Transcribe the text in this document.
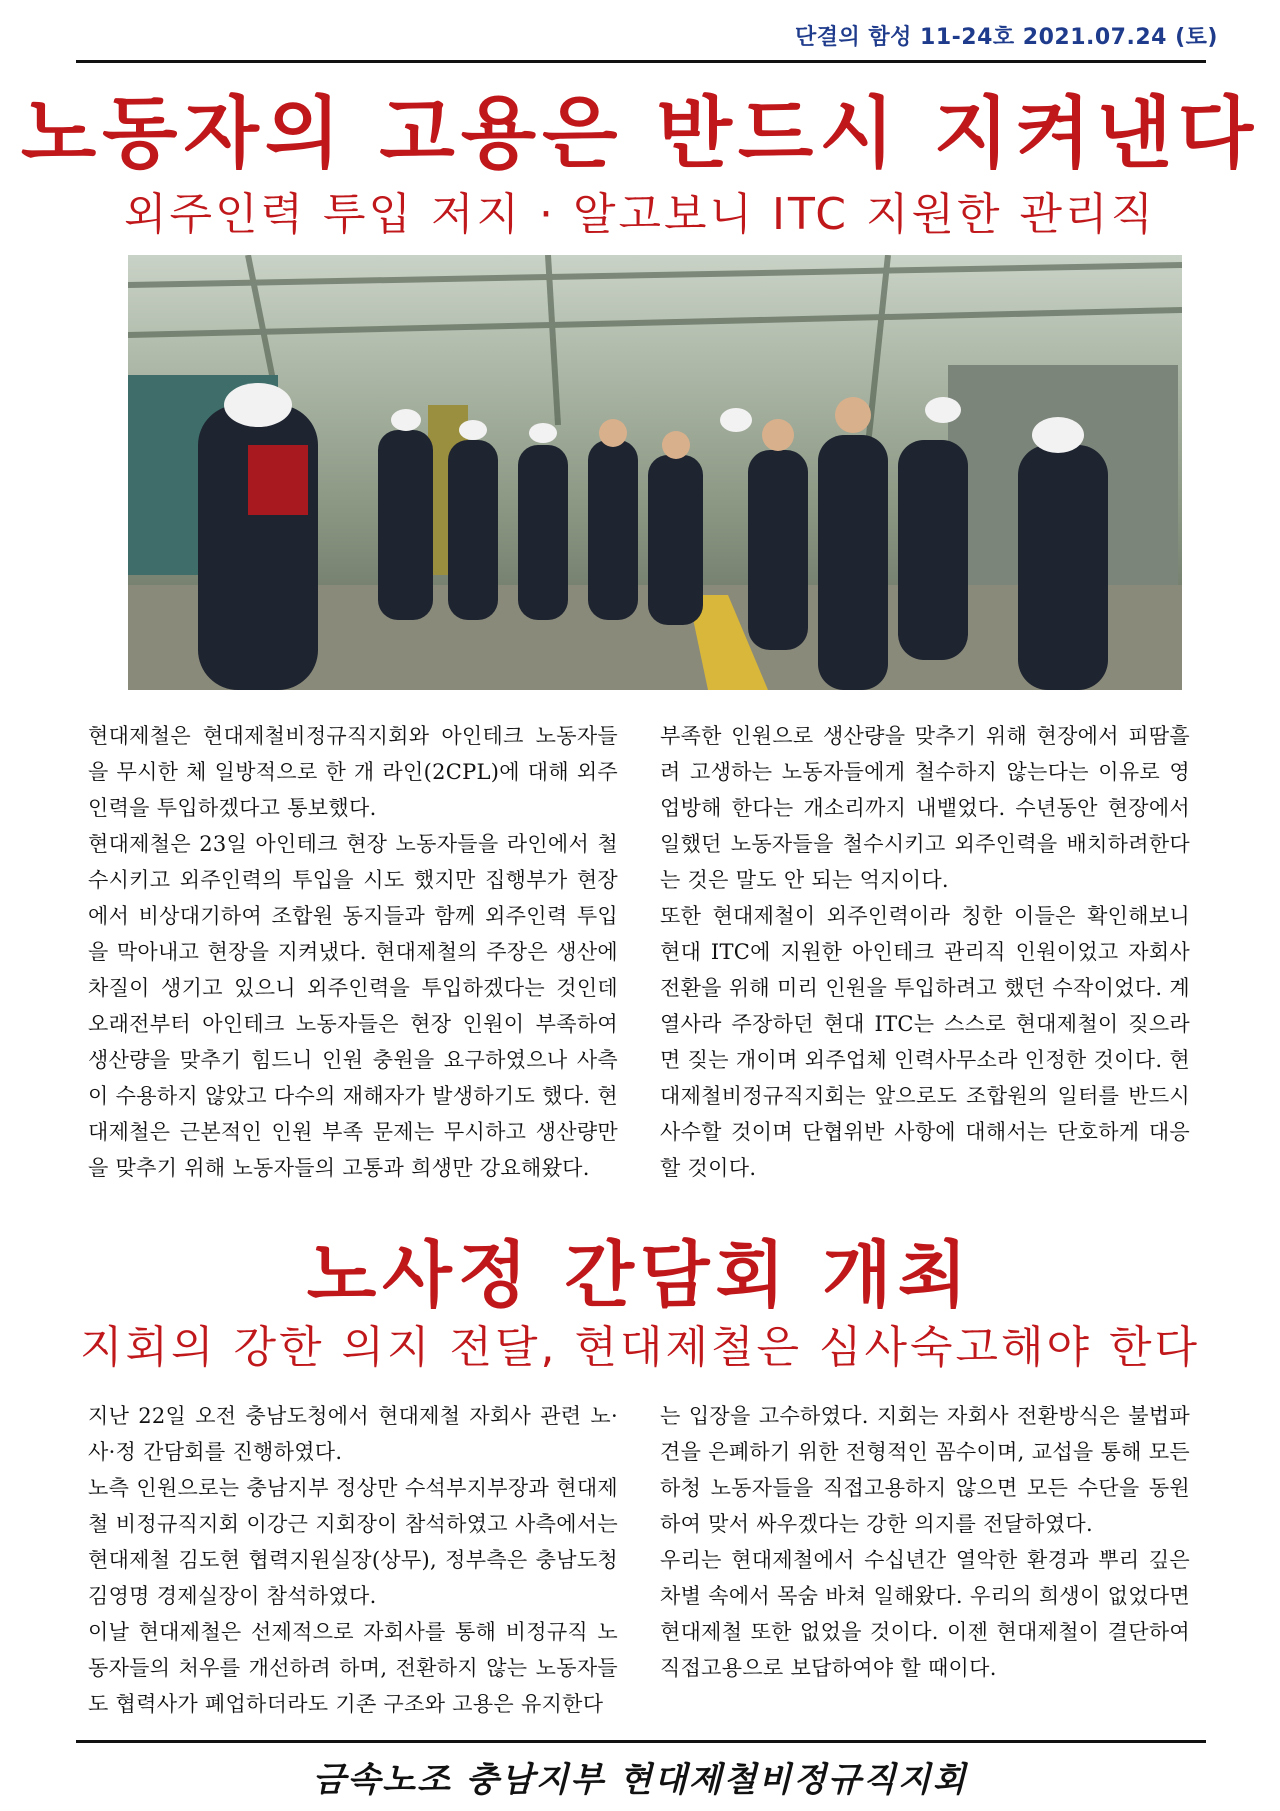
단결의 함성 11-24호 2021.07.24 (토)
노동자의 고용은 반드시 지켜낸다
외주인력 투입 저지 · 알고보니 ITC 지원한 관리직

현대제철은 현대제철비정규직지회와 아인테크 노동자들을 무시한 체 일방적으로 한 개 라인(2CPL)에 대해 외주인력을 투입하겠다고 통보했다.

현대제철은 23일 아인테크 현장 노동자들을 라인에서 철수시키고 외주인력의 투입을 시도 했지만 집행부가 현장에서 비상대기하여 조합원 동지들과 함께 외주인력 투입을 막아내고 현장을 지켜냈다. 현대제철의 주장은 생산에 차질이 생기고 있으니 외주인력을 투입하겠다는 것인데 오래전부터 아인테크 노동자들은 현장 인원이 부족하여 생산량을 맞추기 힘드니 인원 충원을 요구하였으나 사측이 수용하지 않았고 다수의 재해자가 발생하기도 했다. 현대제철은 근본적인 인원 부족 문제는 무시하고 생산량만을 맞추기 위해 노동자들의 고통과 희생만 강요해왔다.

부족한 인원으로 생산량을 맞추기 위해 현장에서 피땀흘려 고생하는 노동자들에게 철수하지 않는다는 이유로 영업방해 한다는 개소리까지 내뱉었다. 수년동안 현장에서 일했던 노동자들을 철수시키고 외주인력을 배치하려한다는 것은 말도 안 되는 억지이다.

또한 현대제철이 외주인력이라 칭한 이들은 확인해보니 현대 ITC에 지원한 아인테크 관리직 인원이었고 자회사 전환을 위해 미리 인원을 투입하려고 했던 수작이었다. 계열사라 주장하던 현대 ITC는 스스로 현대제철이 짖으라면 짖는 개이며 외주업체 인력사무소라 인정한 것이다. 현대제철비정규직지회는 앞으로도 조합원의 일터를 반드시 사수할 것이며 단협위반 사항에 대해서는 단호하게 대응할 것이다.

노사정 간담회 개최
지회의 강한 의지 전달, 현대제철은 심사숙고해야 한다

지난 22일 오전 충남도청에서 현대제철 자회사 관련 노·사·정 간담회를 진행하였다.

노측 인원으로는 충남지부 정상만 수석부지부장과 현대제철 비정규직지회 이강근 지회장이 참석하였고 사측에서는 현대제철 김도현 협력지원실장(상무), 정부측은 충남도청 김영명 경제실장이 참석하였다.

이날 현대제철은 선제적으로 자회사를 통해 비정규직 노동자들의 처우를 개선하려 하며, 전환하지 않는 노동자들도 협력사가 폐업하더라도 기존 구조와 고용은 유지한다

는 입장을 고수하였다. 지회는 자회사 전환방식은 불법파견을 은폐하기 위한 전형적인 꼼수이며, 교섭을 통해 모든 하청 노동자들을 직접고용하지 않으면 모든 수단을 동원하여 맞서 싸우겠다는 강한 의지를 전달하였다.

우리는 현대제철에서 수십년간 열악한 환경과 뿌리 깊은 차별 속에서 목숨 바쳐 일해왔다. 우리의 희생이 없었다면 현대제철 또한 없었을 것이다. 이젠 현대제철이 결단하여 직접고용으로 보답하여야 할 때이다.

금속노조 충남지부 현대제철비정규직지회
